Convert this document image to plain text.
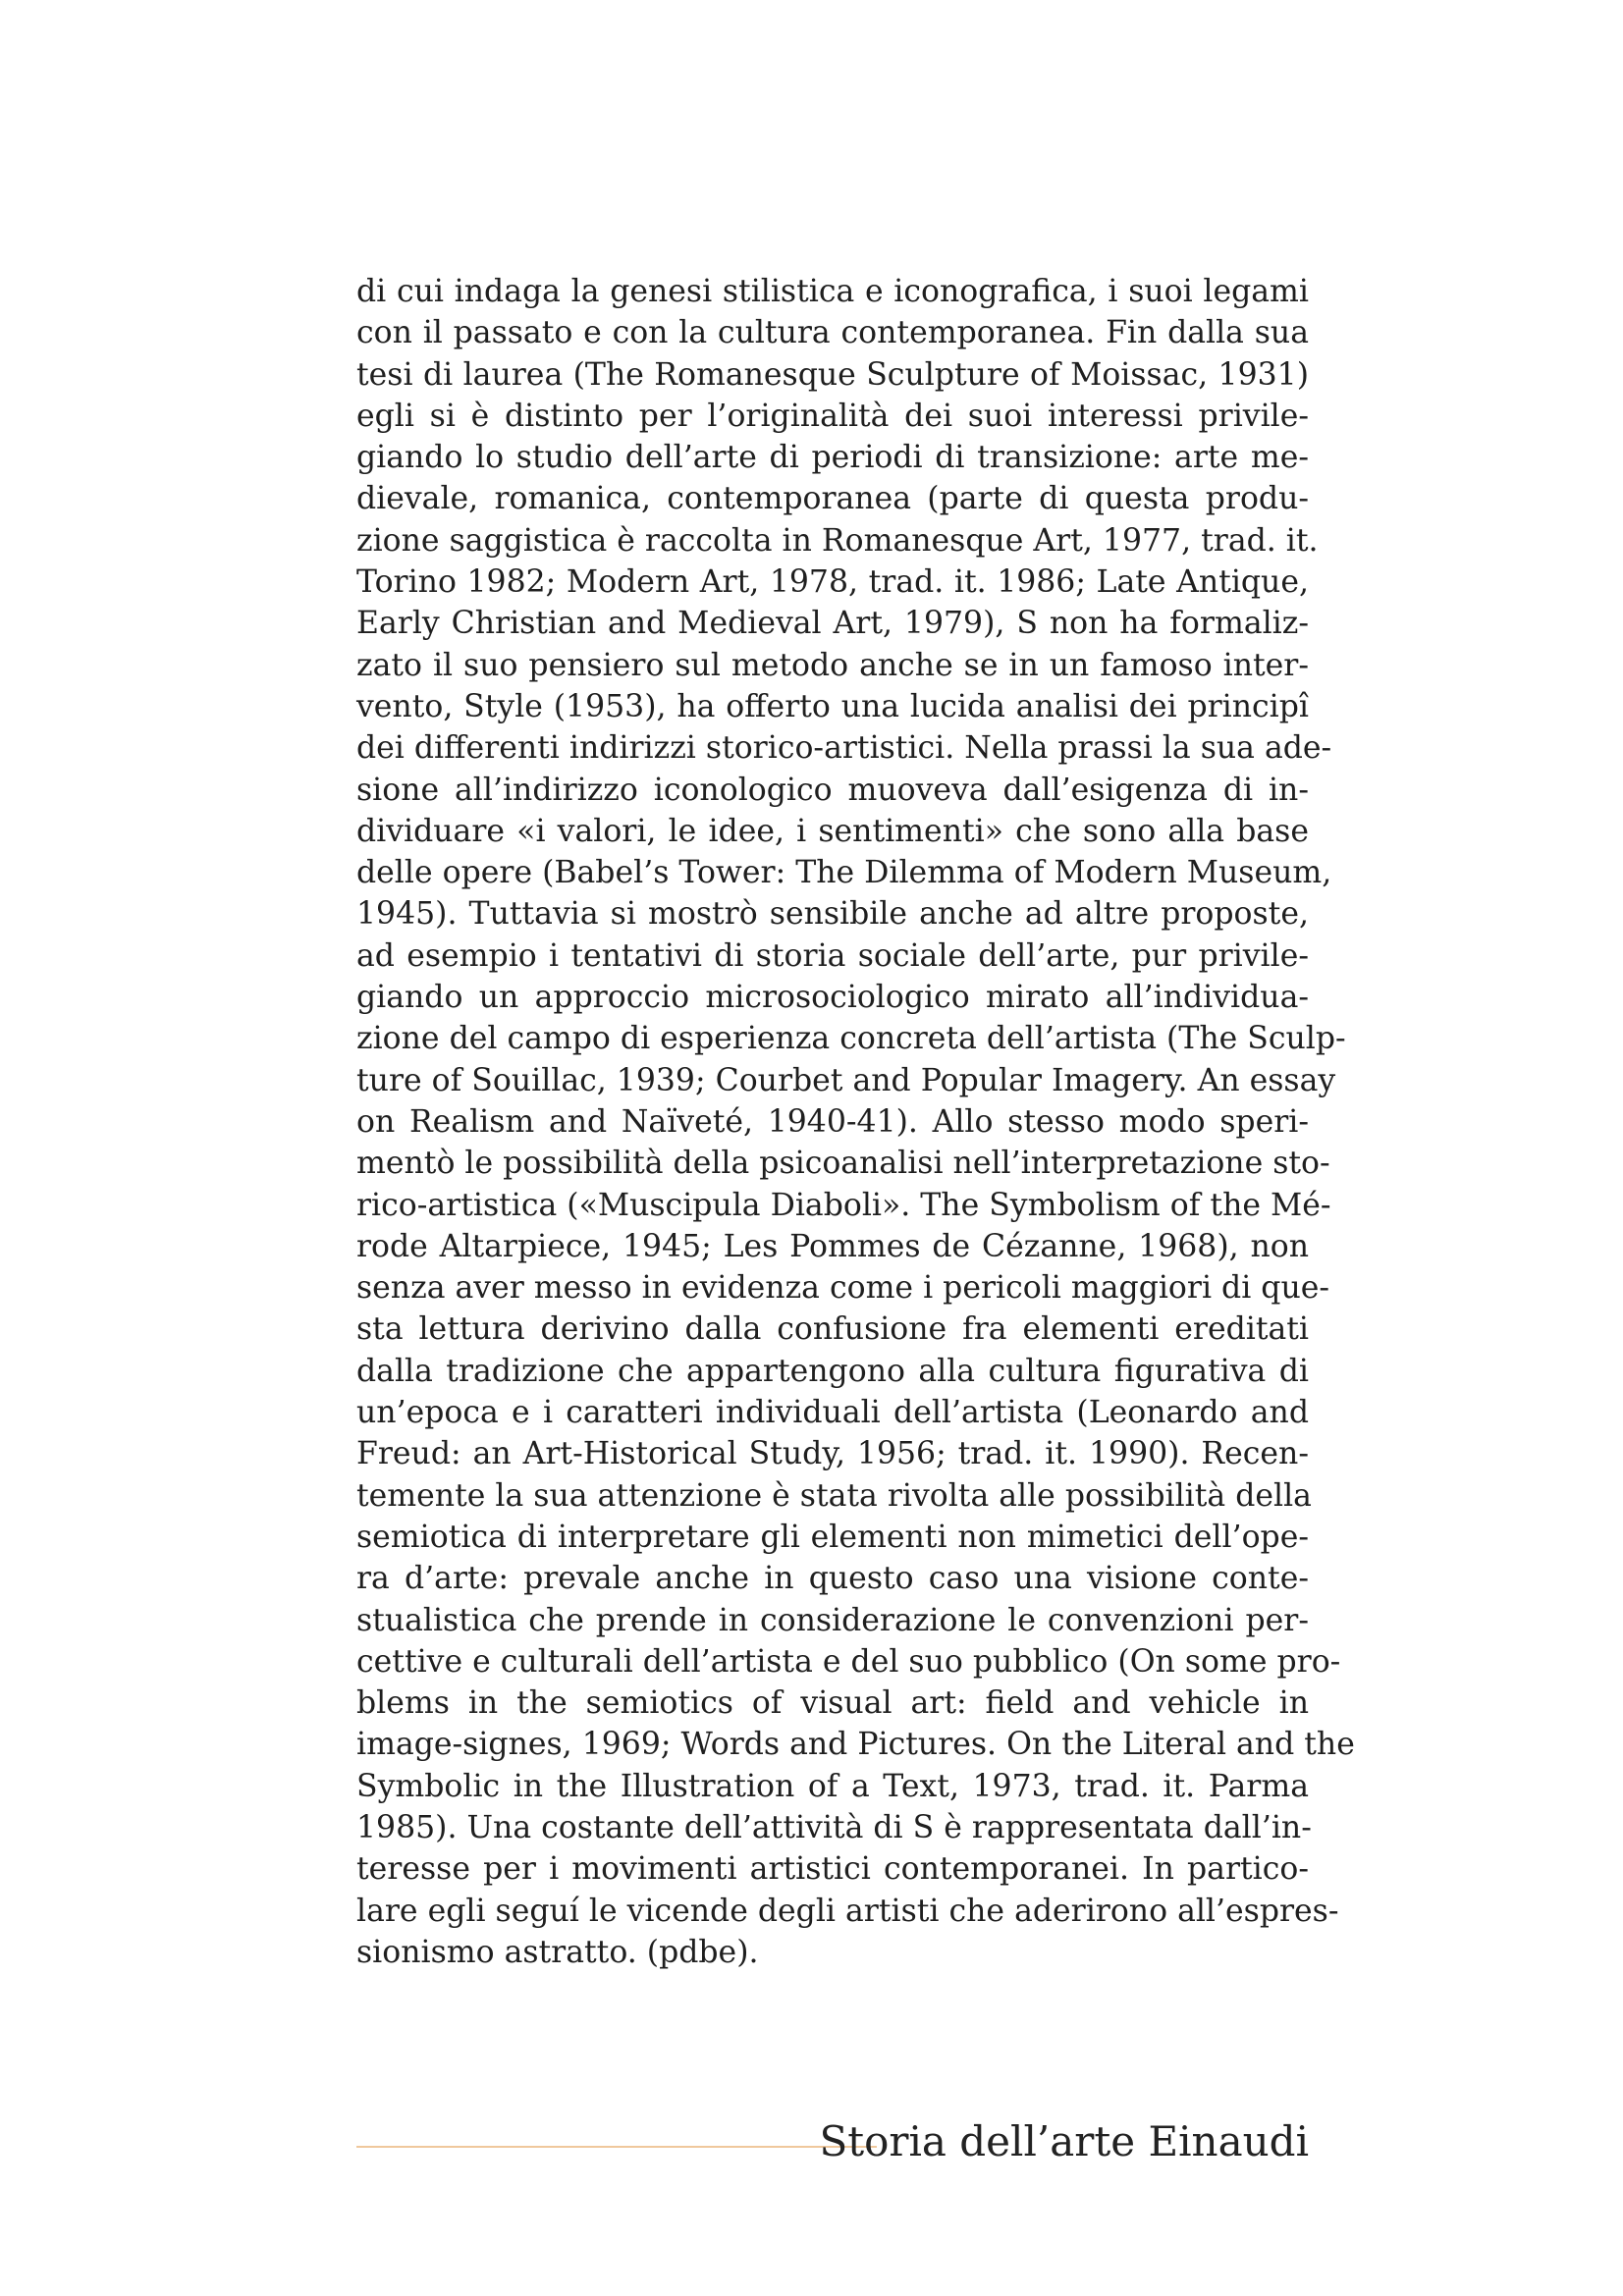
di cui indaga la genesi stilistica e iconografica, i suoi legami
con il passato e con la cultura contemporanea. Fin dalla sua
tesi di laurea (The Romanesque Sculpture of Moissac, 1931)
egli si è distinto per l’originalità dei suoi interessi privile-
giando lo studio dell’arte di periodi di transizione: arte me-
dievale, romanica, contemporanea (parte di questa produ-
zione saggistica è raccolta in Romanesque Art, 1977, trad. it.
Torino 1982; Modern Art, 1978, trad. it. 1986; Late Antique,
Early Christian and Medieval Art, 1979), S non ha formaliz-
zato il suo pensiero sul metodo anche se in un famoso inter-
vento, Style (1953), ha offerto una lucida analisi dei principî
dei differenti indirizzi storico-artistici. Nella prassi la sua ade-
sione all’indirizzo iconologico muoveva dall’esigenza di in-
dividuare «i valori, le idee, i sentimenti» che sono alla base
delle opere (Babel’s Tower: The Dilemma of Modern Museum,
1945). Tuttavia si mostrò sensibile anche ad altre proposte,
ad esempio i tentativi di storia sociale dell’arte, pur privile-
giando un approccio microsociologico mirato all’individua-
zione del campo di esperienza concreta dell’artista (The Sculp-
ture of Souillac, 1939; Courbet and Popular Imagery. An essay
on Realism and Naïveté, 1940-41). Allo stesso modo speri-
mentò le possibilità della psicoanalisi nell’interpretazione sto-
rico-artistica («Muscipula Diaboli». The Symbolism of the Mé-
rode Altarpiece, 1945; Les Pommes de Cézanne, 1968), non
senza aver messo in evidenza come i pericoli maggiori di que-
sta lettura derivino dalla confusione fra elementi ereditati
dalla tradizione che appartengono alla cultura figurativa di
un’epoca e i caratteri individuali dell’artista (Leonardo and
Freud: an Art-Historical Study, 1956; trad. it. 1990). Recen-
temente la sua attenzione è stata rivolta alle possibilità della
semiotica di interpretare gli elementi non mimetici dell’ope-
ra d’arte: prevale anche in questo caso una visione conte-
stualistica che prende in considerazione le convenzioni per-
cettive e culturali dell’artista e del suo pubblico (On some pro-
blems in the semiotics of visual art: field and vehicle in
image-signes, 1969; Words and Pictures. On the Literal and the
Symbolic in the Illustration of a Text, 1973, trad. it. Parma
1985). Una costante dell’attività di S è rappresentata dall’in-
teresse per i movimenti artistici contemporanei. In partico-
lare egli seguí le vicende degli artisti che aderirono all’espres-
sionismo astratto. (pdbe).
Storia dell’arte Einaudi
